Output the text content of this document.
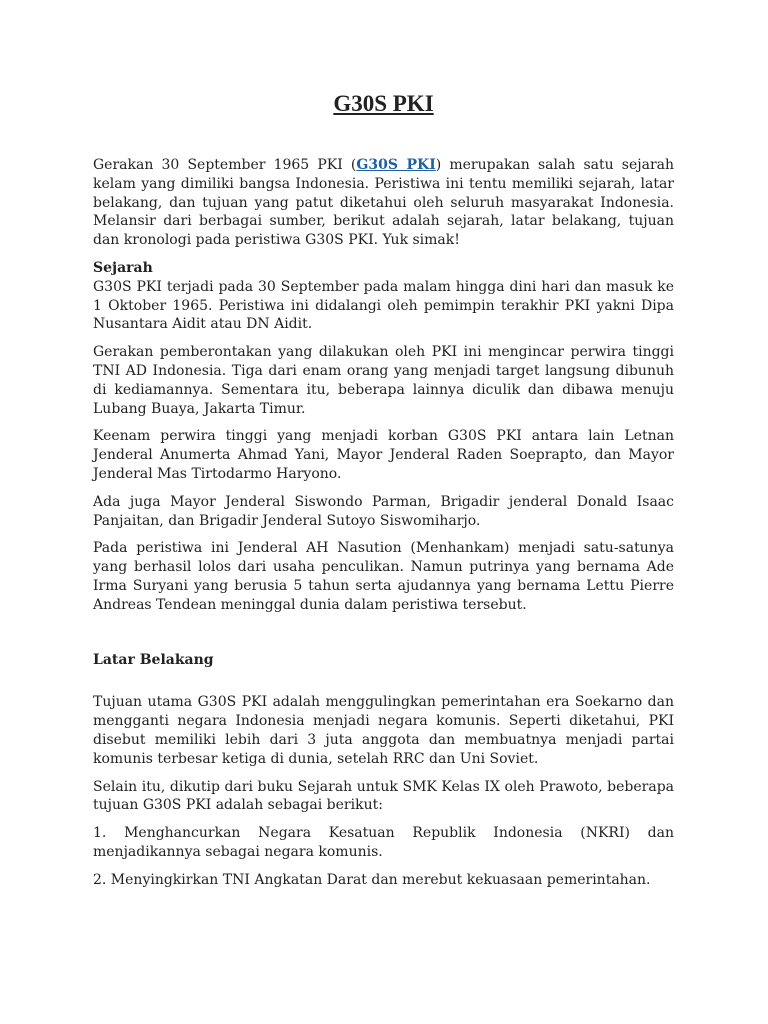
G30S PKI

Gerakan 30 September 1965 PKI (G30S PKI) merupakan salah satu sejarah kelam yang dimiliki bangsa Indonesia. Peristiwa ini tentu memiliki sejarah, latar belakang, dan tujuan yang patut diketahui oleh seluruh masyarakat Indonesia. Melansir dari berbagai sumber, berikut adalah sejarah, latar belakang, tujuan dan kronologi pada peristiwa G30S PKI. Yuk simak!

Sejarah
G30S PKI terjadi pada 30 September pada malam hingga dini hari dan masuk ke 1 Oktober 1965. Peristiwa ini didalangi oleh pemimpin terakhir PKI yakni Dipa Nusantara Aidit atau DN Aidit.

Gerakan pemberontakan yang dilakukan oleh PKI ini mengincar perwira tinggi TNI AD Indonesia. Tiga dari enam orang yang menjadi target langsung dibunuh di kediamannya. Sementara itu, beberapa lainnya diculik dan dibawa menuju Lubang Buaya, Jakarta Timur.

Keenam perwira tinggi yang menjadi korban G30S PKI antara lain Letnan Jenderal Anumerta Ahmad Yani, Mayor Jenderal Raden Soeprapto, dan Mayor Jenderal Mas Tirtodarmo Haryono.

Ada juga Mayor Jenderal Siswondo Parman, Brigadir jenderal Donald Isaac Panjaitan, dan Brigadir Jenderal Sutoyo Siswomiharjo.

Pada peristiwa ini Jenderal AH Nasution (Menhankam) menjadi satu-satunya yang berhasil lolos dari usaha penculikan. Namun putrinya yang bernama Ade Irma Suryani yang berusia 5 tahun serta ajudannya yang bernama Lettu Pierre Andreas Tendean meninggal dunia dalam peristiwa tersebut.

Latar Belakang

Tujuan utama G30S PKI adalah menggulingkan pemerintahan era Soekarno dan mengganti negara Indonesia menjadi negara komunis. Seperti diketahui, PKI disebut memiliki lebih dari 3 juta anggota dan membuatnya menjadi partai komunis terbesar ketiga di dunia, setelah RRC dan Uni Soviet.

Selain itu, dikutip dari buku Sejarah untuk SMK Kelas IX oleh Prawoto, beberapa tujuan G30S PKI adalah sebagai berikut:

1. Menghancurkan Negara Kesatuan Republik Indonesia (NKRI) dan menjadikannya sebagai negara komunis.

2. Menyingkirkan TNI Angkatan Darat dan merebut kekuasaan pemerintahan.
